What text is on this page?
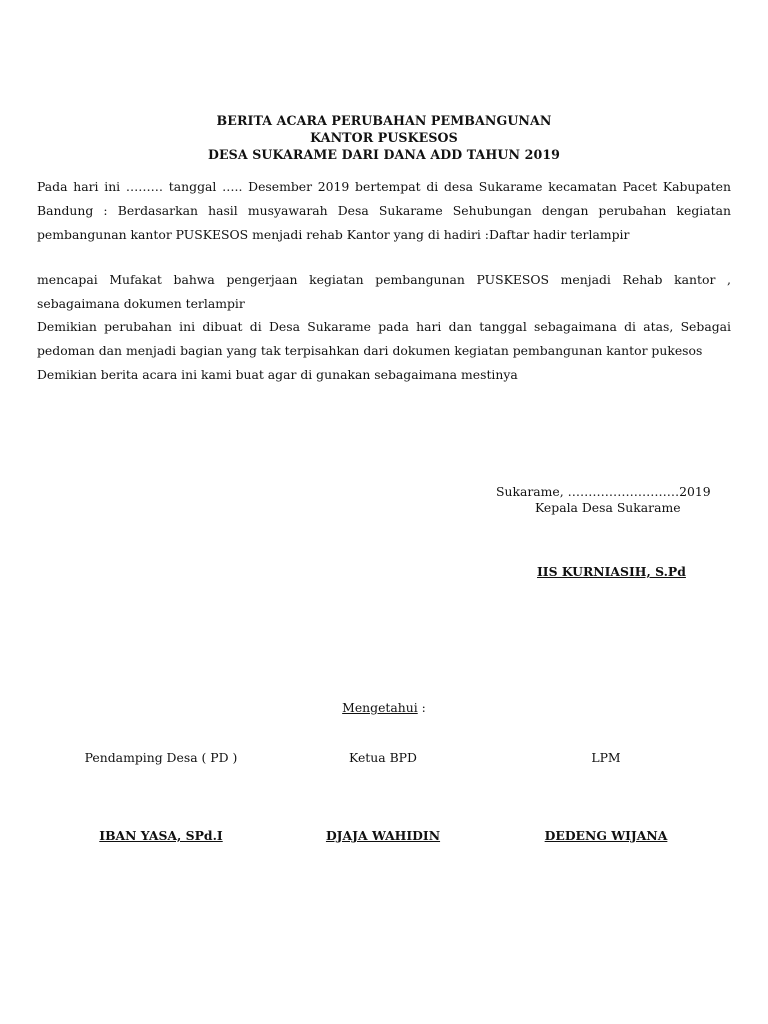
BERITA ACARA PERUBAHAN PEMBANGUNAN
KANTOR PUSKESOS
DESA SUKARAME DARI DANA ADD TAHUN 2019
Pada hari ini ……… tanggal ….. Desember 2019 bertempat di desa Sukarame kecamatan Pacet Kabupaten Bandung : Berdasarkan hasil musyawarah Desa Sukarame Sehubungan dengan perubahan kegiatan pembangunan kantor PUSKESOS menjadi rehab Kantor yang di hadiri :Daftar hadir terlampir
mencapai Mufakat bahwa pengerjaan kegiatan pembangunan PUSKESOS menjadi Rehab kantor , sebagaimana dokumen terlampir
Demikian perubahan ini dibuat di Desa Sukarame pada hari dan tanggal sebagaimana di atas, Sebagai pedoman dan menjadi bagian yang tak terpisahkan dari dokumen kegiatan pembangunan kantor pukesos
Demikian berita acara ini kami buat agar di gunakan sebagaimana mestinya
Sukarame, ………………………2019
Kepala Desa Sukarame
IIS KURNIASIH, S.Pd
Mengetahui :
Pendamping Desa ( PD )	Ketua BPD	LPM
IBAN YASA, SPd.I	DJAJA WAHIDIN	DEDENG WIJANA
